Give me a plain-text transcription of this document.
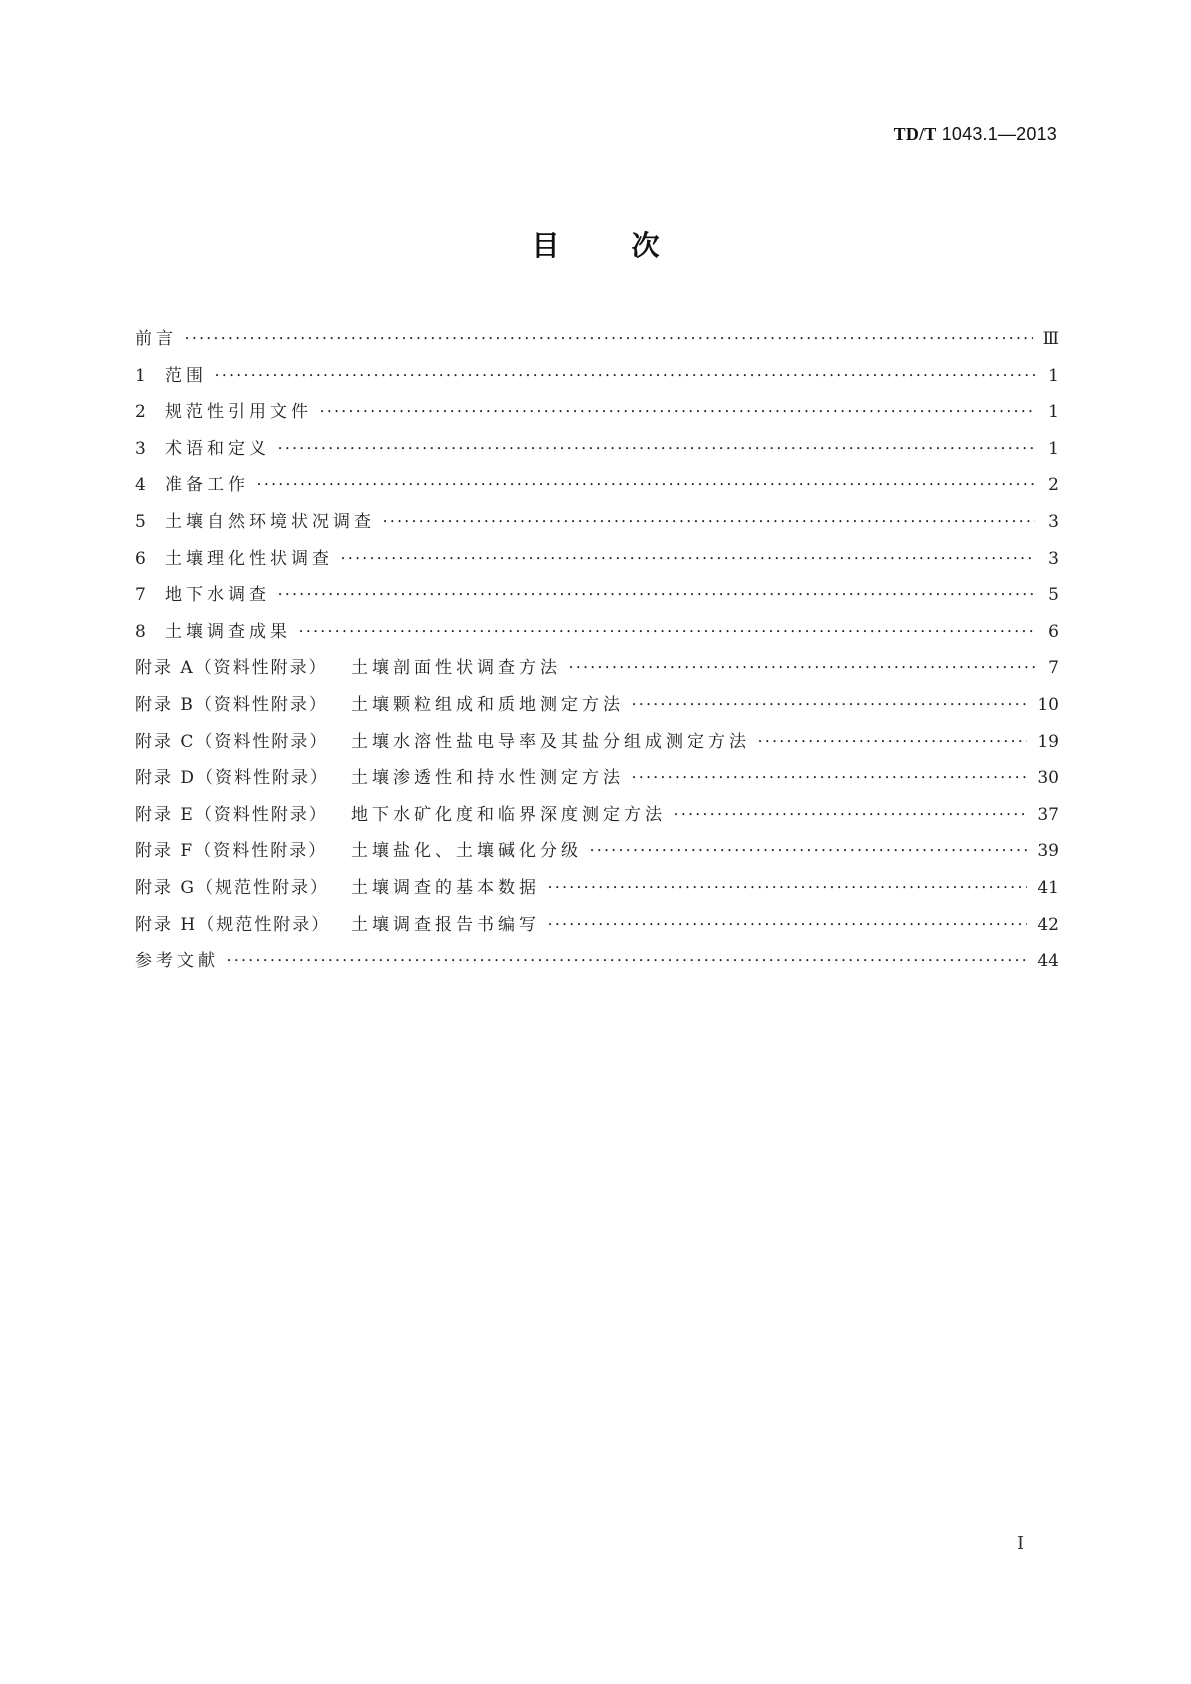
TD/T 1043.1—2013
目	次
前言 •••••	Ⅲ
1	范围 •••••	1
2	规范性引用文件 •••••	1
3	术语和定义 •••••	1
4	准备工作 •••••	2
5	土壤自然环境状况调查 •••••	3
6	土壤理化性状调查 •••••	3
7	地下水调查 •••••	5
8	土壤调查成果 •••••	6
附录 A（资料性附录）	土壤剖面性状调查方法 •••••	7
附录 B（资料性附录）	土壤颗粒组成和质地测定方法 •••••	10
附录 C（资料性附录）	土壤水溶性盐电导率及其盐分组成测定方法 •••••	19
附录 D（资料性附录）	土壤渗透性和持水性测定方法 •••••	30
附录 E（资料性附录）	地下水矿化度和临界深度测定方法 •••••	37
附录 F（资料性附录）	土壤盐化、土壤碱化分级 •••••	39
附录 G（规范性附录）	土壤调查的基本数据 •••••	41
附录 H（规范性附录）	土壤调查报告书编写 •••••	42
参考文献 •••••	44
I
